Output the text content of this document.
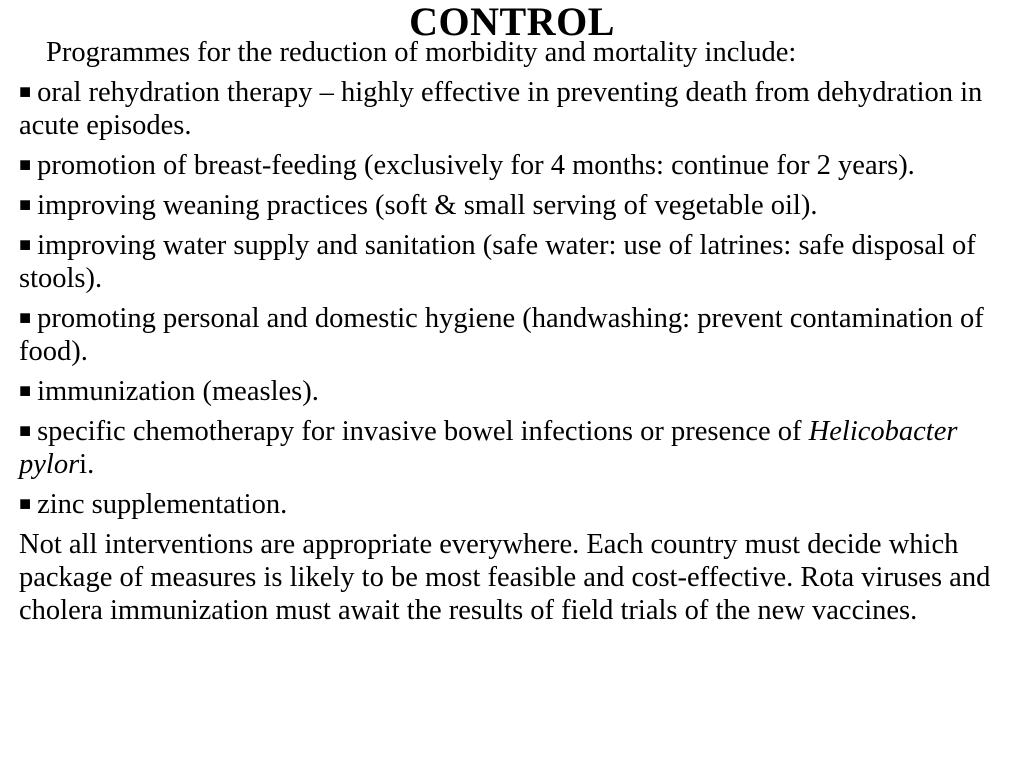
CONTROL

Programmes for the reduction of morbidity and mortality include:

■ oral rehydration therapy – highly effective in preventing death from dehydration in acute episodes.

■ promotion of breast-feeding (exclusively for 4 months: continue for 2 years).

■ improving weaning practices (soft & small serving of vegetable oil).

■ improving water supply and sanitation (safe water: use of latrines: safe disposal of stools).

■ promoting personal and domestic hygiene (handwashing: prevent contamination of food).

■ immunization (measles).

■ specific chemotherapy for invasive bowel infections or presence of Helicobacter pylori.

■ zinc supplementation.

Not all interventions are appropriate everywhere. Each country must decide which package of measures is likely to be most feasible and cost-effective. Rota viruses and cholera immunization must await the results of field trials of the new vaccines.
